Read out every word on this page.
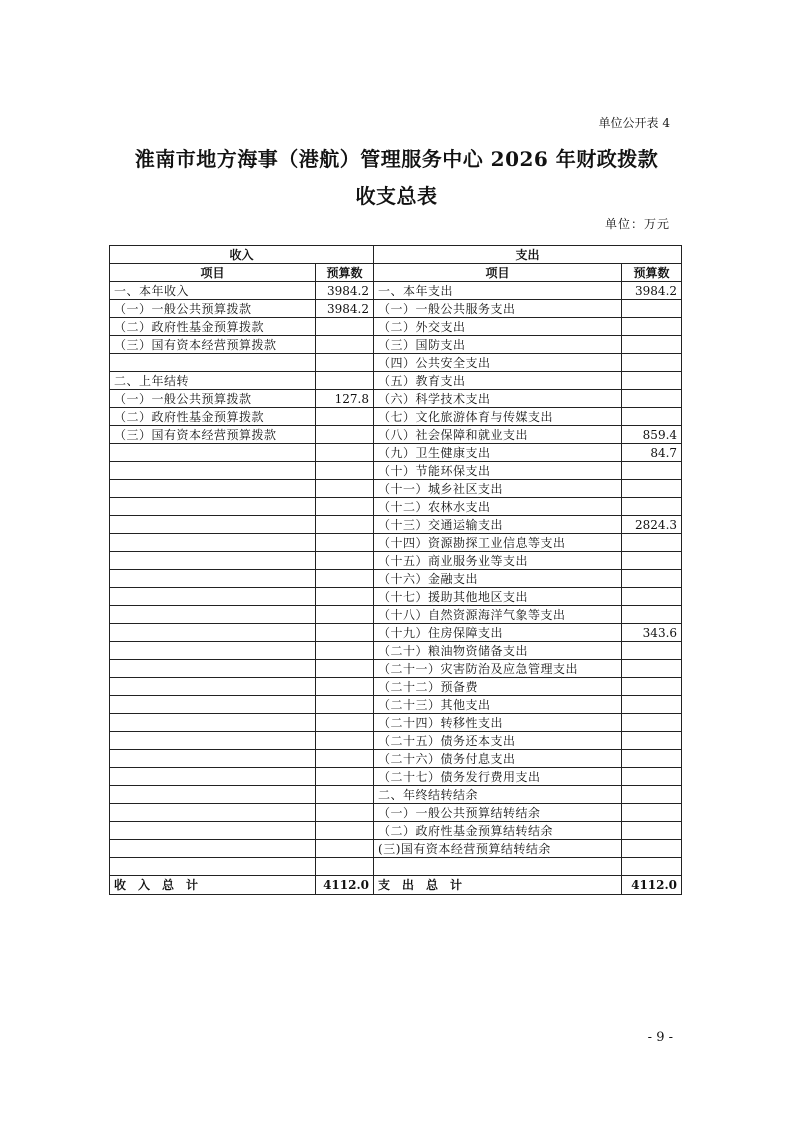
单位公开表 4
淮南市地方海事（港航）管理服务中心 2026 年财政拨款
收支总表
单位：万元
收入		支出	
项目	预算数	项目	预算数
一、本年收入	3984.2	一、本年支出	3984.2
（一）一般公共预算拨款	3984.2	（一）一般公共服务支出	
（二）政府性基金预算拨款		（二）外交支出	
（三）国有资本经营预算拨款		（三）国防支出	
		（四）公共安全支出	
二、上年结转		（五）教育支出	
（一）一般公共预算拨款	127.8	（六）科学技术支出	
（二）政府性基金预算拨款		（七）文化旅游体育与传媒支出	
（三）国有资本经营预算拨款		（八）社会保障和就业支出	859.4
		（九）卫生健康支出	84.7
		（十）节能环保支出	
		（十一）城乡社区支出	
		（十二）农林水支出	
		（十三）交通运输支出	2824.3
		（十四）资源勘探工业信息等支出	
		（十五）商业服务业等支出	
		（十六）金融支出	
		（十七）援助其他地区支出	
		（十八）自然资源海洋气象等支出	
		（十九）住房保障支出	343.6
		（二十）粮油物资储备支出	
		（二十一）灾害防治及应急管理支出	
		（二十二）预备费	
		（二十三）其他支出	
		（二十四）转移性支出	
		（二十五）债务还本支出	
		（二十六）债务付息支出	
		（二十七）债务发行费用支出	
		二、年终结转结余	
		（一）一般公共预算结转结余	
		（二）政府性基金预算结转结余	
		(三)国有资本经营预算结转结余	

收　入　总　计	4112.0	支　出　总　计	4112.0
- 9 -
